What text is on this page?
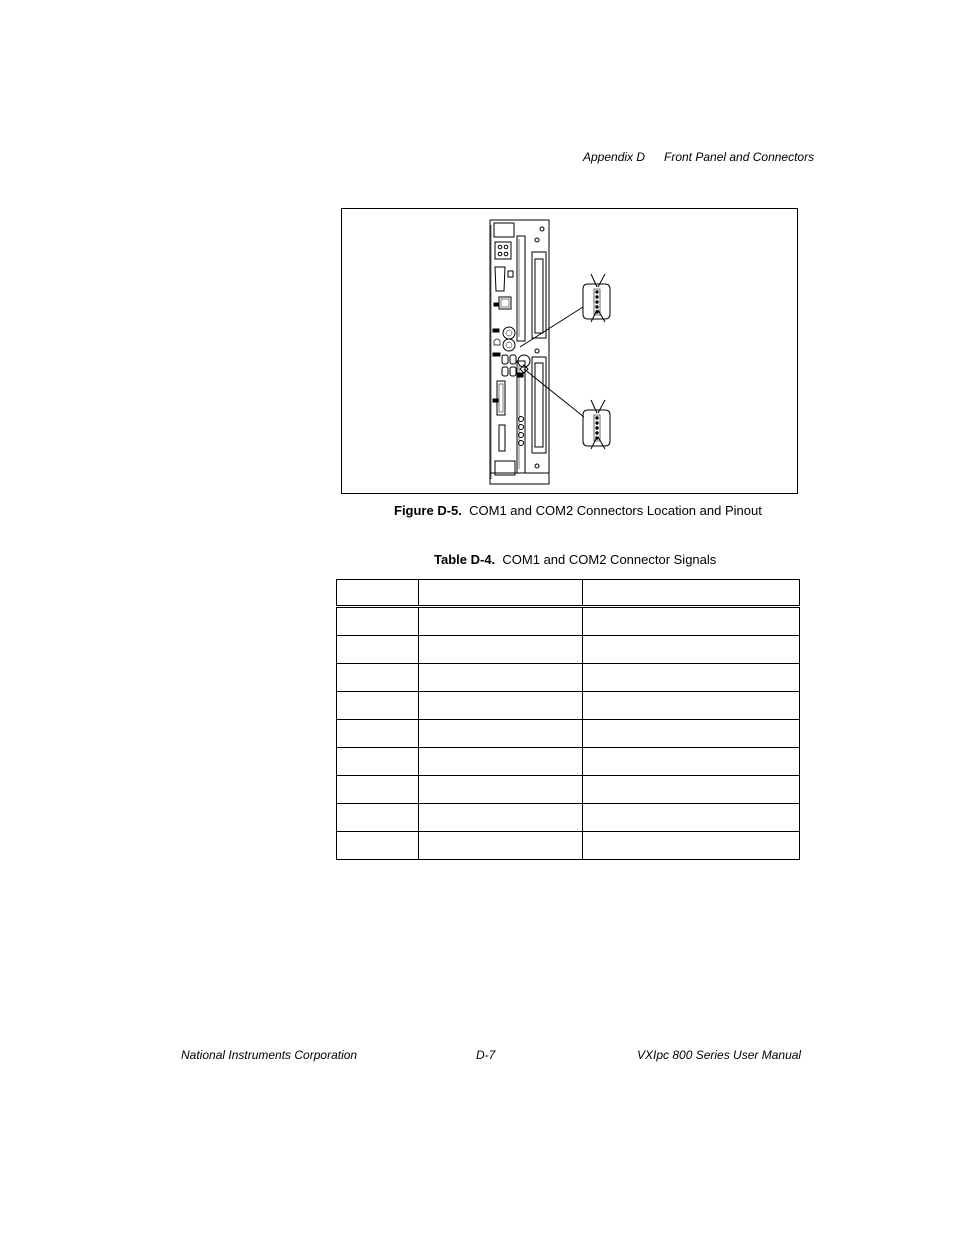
Appendix D Front Panel and Connectors
Figure D-5. COM1 and COM2 Connectors Location and Pinout
Table D-4. COM1 and COM2 Connector Signals

National Instruments Corporation	D-7	VXIpc 800 Series User Manual
